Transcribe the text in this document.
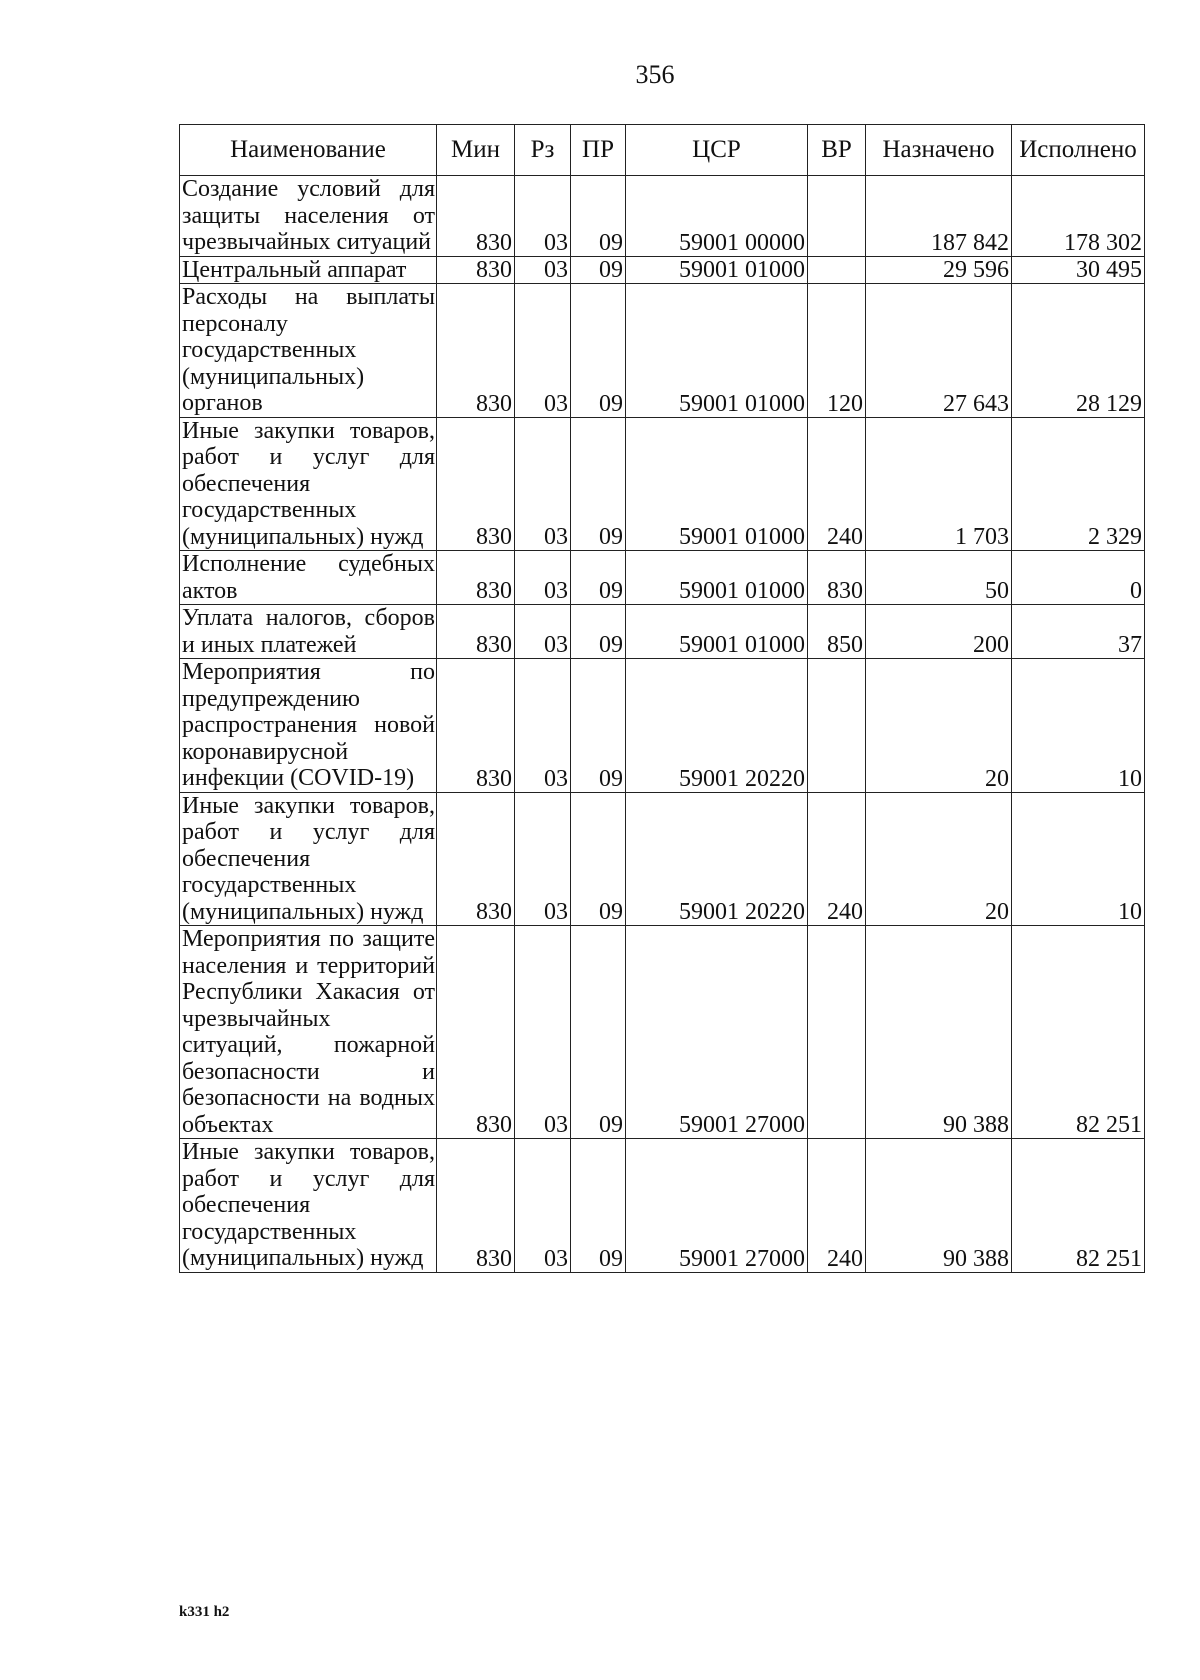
356
Наименование	Мин	Рз	ПР	ЦСР	ВР	Назначено	Исполнено
Создание условий для защиты населения от чрезвычайных ситуаций	830	03	09	59001 00000		187 842	178 302
Центральный аппарат	830	03	09	59001 01000		29 596	30 495
Расходы на выплаты персоналу государственных (муниципальных) органов	830	03	09	59001 01000	120	27 643	28 129
Иные закупки товаров, работ и услуг для обеспечения государственных (муниципальных) нужд	830	03	09	59001 01000	240	1 703	2 329
Исполнение судебных актов	830	03	09	59001 01000	830	50	0
Уплата налогов, сборов и иных платежей	830	03	09	59001 01000	850	200	37
Мероприятия по предупреждению распространения новой коронавирусной инфекции (COVID-19)	830	03	09	59001 20220		20	10
Иные закупки товаров, работ и услуг для обеспечения государственных (муниципальных) нужд	830	03	09	59001 20220	240	20	10
Мероприятия по защите населения и территорий Республики Хакасия от чрезвычайных ситуаций, пожарной безопасности и безопасности на водных объектах	830	03	09	59001 27000		90 388	82 251
Иные закупки товаров, работ и услуг для обеспечения государственных (муниципальных) нужд	830	03	09	59001 27000	240	90 388	82 251
k331 h2
